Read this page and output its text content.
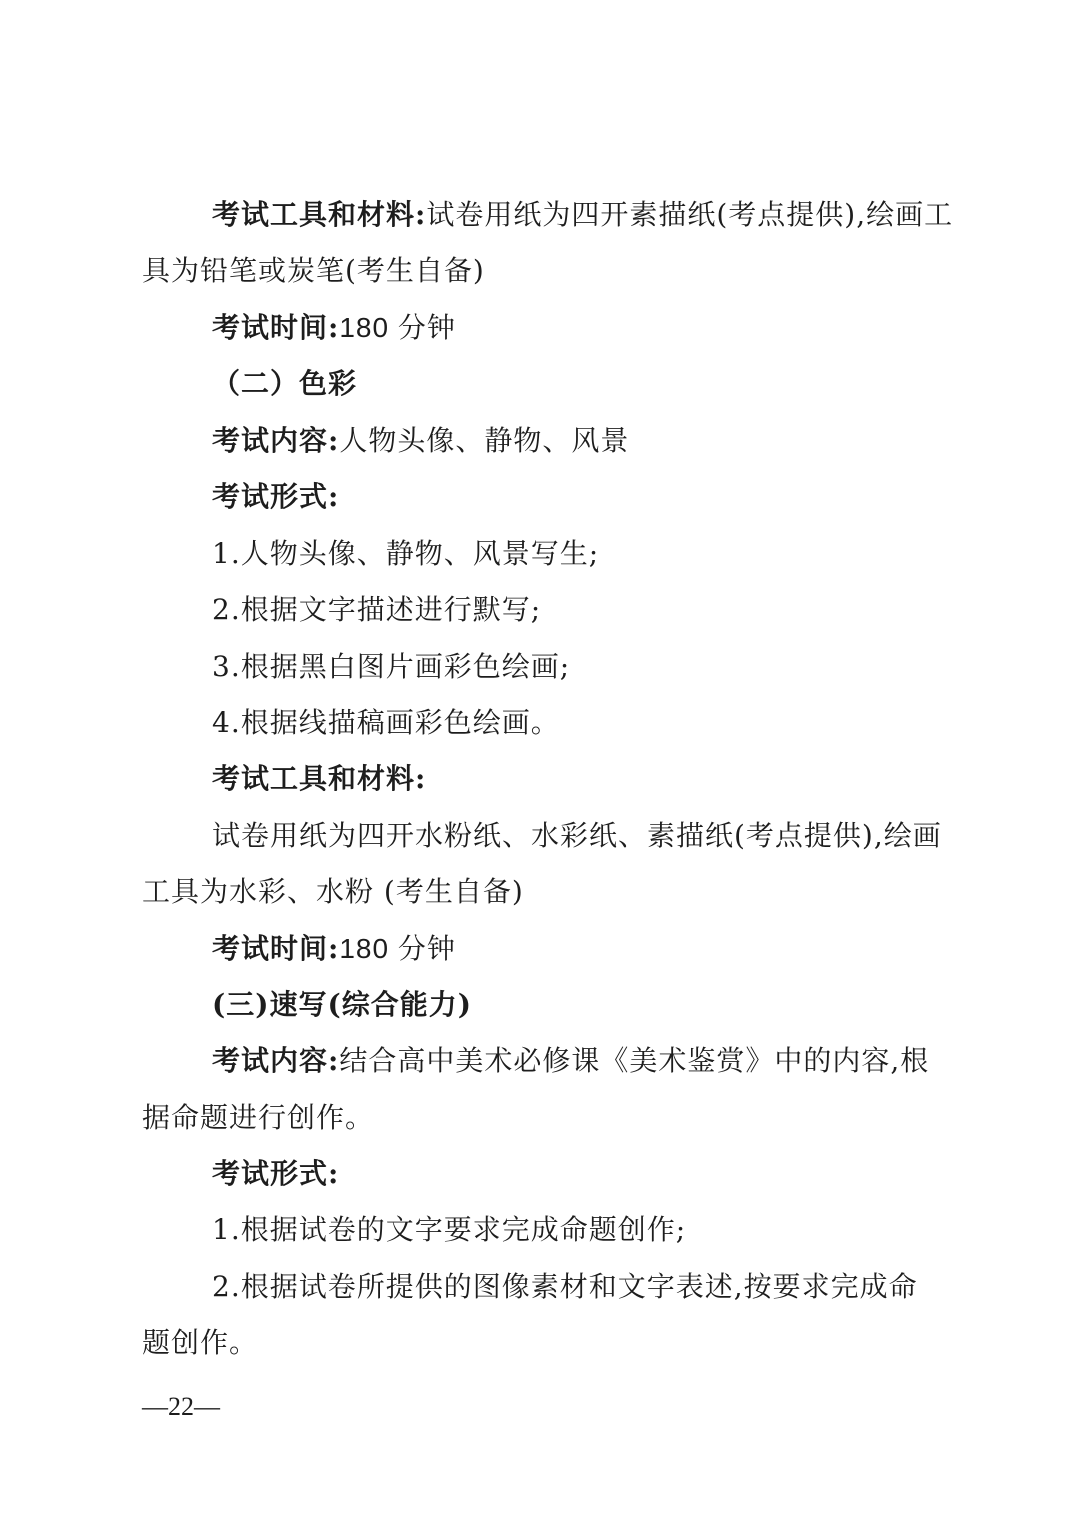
考试工具和材料:试卷用纸为四开素描纸(考点提供),绘画工
具为铅笔或炭笔(考生自备)
考试时间:180 分钟
（二）色彩
考试内容:人物头像、静物、风景
考试形式:
1.人物头像、静物、风景写生;
2.根据文字描述进行默写;
3.根据黑白图片画彩色绘画;
4.根据线描稿画彩色绘画。
考试工具和材料:
试卷用纸为四开水粉纸、水彩纸、素描纸(考点提供),绘画
工具为水彩、水粉 (考生自备)
考试时间:180 分钟
(三)速写(综合能力)
考试内容:结合高中美术必修课《美术鉴赏》中的内容,根
据命题进行创作。
考试形式:
1.根据试卷的文字要求完成命题创作;
2.根据试卷所提供的图像素材和文字表述,按要求完成命
题创作。
—22—
